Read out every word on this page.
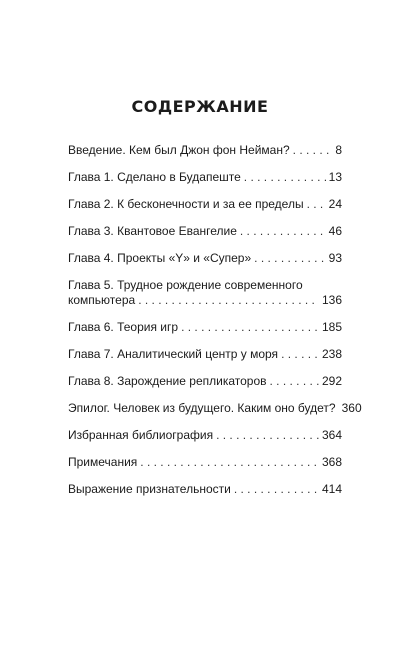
СОДЕРЖАНИЕ
Введение. Кем был Джон фон Нейман? . . .	8
Глава 1. Сделано в Будапеште . . .	13
Глава 2. К бесконечности и за ее пределы . . . 24
Глава 3. Квантовое Евангелие . . .	46
Глава 4. Проекты «Y» и «Супер» . . .	93
Глава 5. Трудное рождение современного
компьютера . . .	136
Глава 6. Теория игр . . .	185
Глава 7. Аналитический центр у моря . . .	238
Глава 8. Зарождение репликаторов . . .	292
Эпилог. Человек из будущего. Каким оно будет? 360
Избранная библиография . . .	364
Примечания . . .	368
Выражение признательности . . .	414
